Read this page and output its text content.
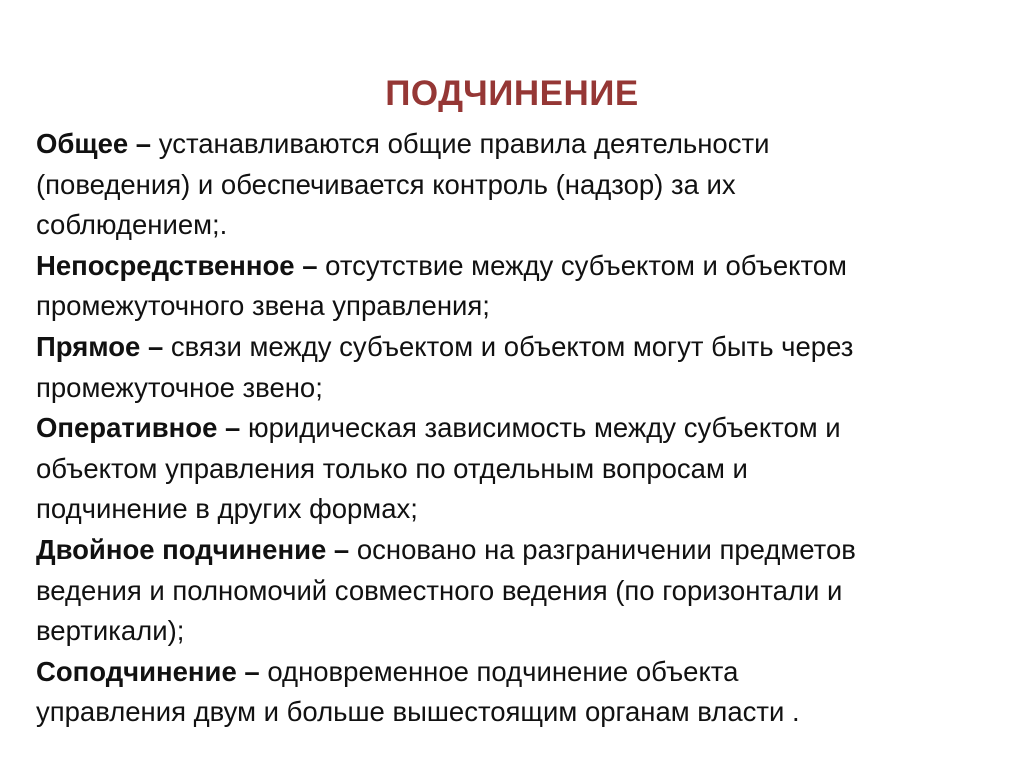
ПОДЧИНЕНИЕ
Общее – устанавливаются общие правила деятельности
(поведения) и обеспечивается контроль (надзор) за их
соблюдением;.
Непосредственное – отсутствие между субъектом и объектом
промежуточного звена управления;
Прямое – связи между субъектом и объектом могут быть через
промежуточное звено;
Оперативное – юридическая зависимость между субъектом и
объектом управления только по отдельным вопросам и
подчинение в других формах;
Двойное подчинение – основано на разграничении предметов
ведения и полномочий совместного ведения (по горизонтали и
вертикали);
Соподчинение – одновременное подчинение объекта
управления двум и больше вышестоящим органам власти .
